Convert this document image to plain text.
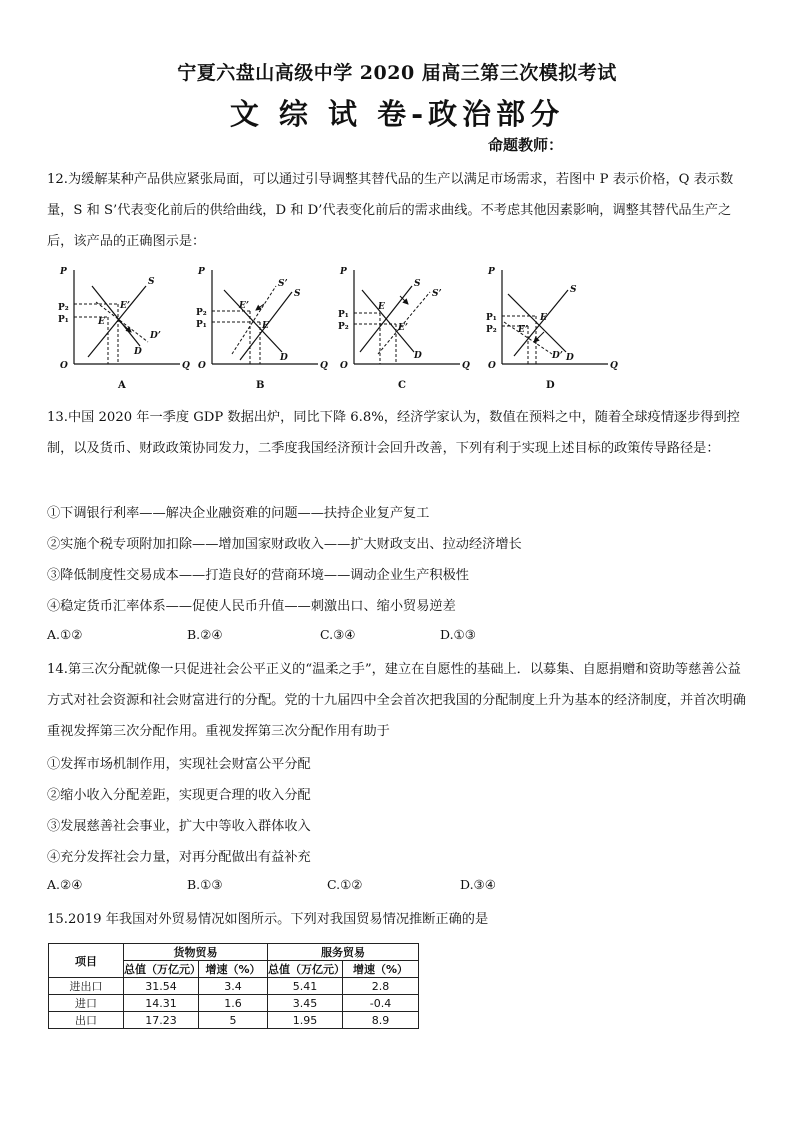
宁夏六盘山高级中学 2020 届高三第三次模拟考试
文 综 试 卷-政治部分
命题教师：
12.为缓解某种产品供应紧张局面，可以通过引导调整其替代品的生产以满足市场需求，若图中 P 表示价格，Q 表示数量，S 和 S’代表变化前后的供给曲线，D 和 D’代表变化前后的需求曲线。不考虑其他因素影响，调整其替代品生产之后，该产品的正确图示是：
P
Q
O
A
P₂
P₁
E’
E
S
D
D’
P
Q
O
B
P₂
P₁
E’
E
S’
S
D
P
Q
O
C
P₁
P₂
E
E’
S
S’
D
P
Q
O
D
P₁
P₂
E
E’
S
D
D’
13.中国 2020 年一季度 GDP 数据出炉，同比下降 6.8%，经济学家认为，数值在预料之中，随着全球疫情逐步得到控制，以及货币、财政政策协同发力，二季度我国经济预计会回升改善，下列有利于实现上述目标的政策传导路径是：
①下调银行利率——解决企业融资难的问题——扶持企业复产复工
②实施个税专项附加扣除——增加国家财政收入——扩大财政支出、拉动经济增长
③降低制度性交易成本——打造良好的营商环境——调动企业生产积极性
④稳定货币汇率体系——促使人民币升值——刺激出口、缩小贸易逆差
A.①②	B.②④	C.③④	D.①③
14.第三次分配就像一只促进社会公平正义的“温柔之手”，建立在自愿性的基础上．以募集、自愿捐赠和资助等慈善公益方式对社会资源和社会财富进行的分配。党的十九届四中全会首次把我国的分配制度上升为基本的经济制度，并首次明确重视发挥第三次分配作用。重视发挥第三次分配作用有助于
①发挥市场机制作用，实现社会财富公平分配
②缩小收入分配差距，实现更合理的收入分配
③发展慈善社会事业，扩大中等收入群体收入
④充分发挥社会力量，对再分配做出有益补充
A.②④	B.①③	C.①②	D.③④
15.2019 年我国对外贸易情况如图所示。下列对我国贸易情况推断正确的是
项目	货物贸易		服务贸易	
	总值（万亿元）	增速（%）	总值（万亿元）	增速（%）
进出口	31.54	3.4	5.41	2.8
进口	14.31	1.6	3.45	-0.4
出口	17.23	5	1.95	8.9
